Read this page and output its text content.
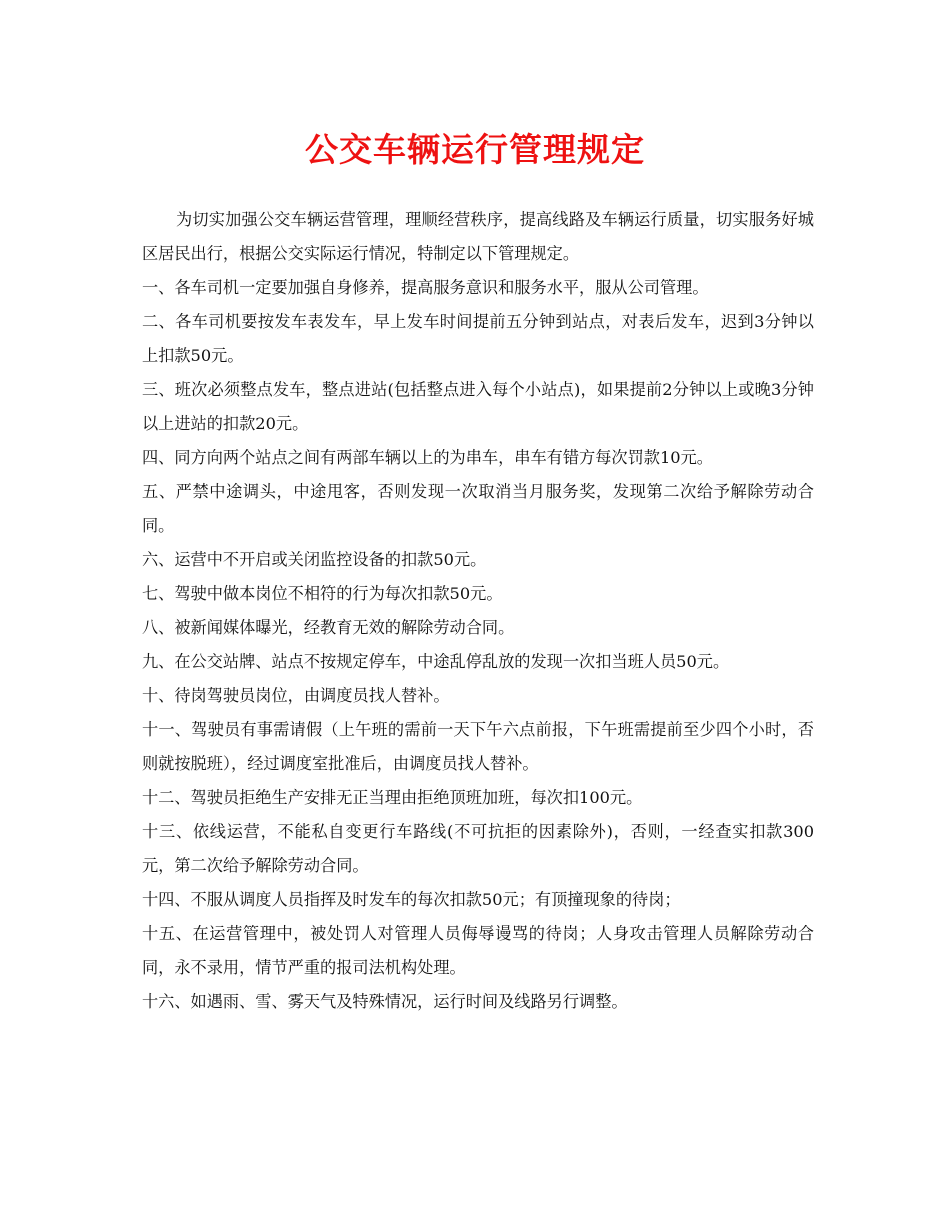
公交车辆运行管理规定

为切实加强公交车辆运营管理，理顺经营秩序，提高线路及车辆运行质量，切实服务好城区居民出行，根据公交实际运行情况，特制定以下管理规定。

一、各车司机一定要加强自身修养，提高服务意识和服务水平，服从公司管理。

二、各车司机要按发车表发车，早上发车时间提前五分钟到站点，对表后发车，迟到3分钟以上扣款50元。

三、班次必须整点发车，整点进站(包括整点进入每个小站点)，如果提前2分钟以上或晚3分钟以上进站的扣款20元。

四、同方向两个站点之间有两部车辆以上的为串车，串车有错方每次罚款10元。

五、严禁中途调头，中途甩客，否则发现一次取消当月服务奖，发现第二次给予解除劳动合同。

六、运营中不开启或关闭监控设备的扣款50元。

七、驾驶中做本岗位不相符的行为每次扣款50元。

八、被新闻媒体曝光，经教育无效的解除劳动合同。

九、在公交站牌、站点不按规定停车，中途乱停乱放的发现一次扣当班人员50元。

十、待岗驾驶员岗位，由调度员找人替补。

十一、驾驶员有事需请假（上午班的需前一天下午六点前报，下午班需提前至少四个小时，否则就按脱班），经过调度室批准后，由调度员找人替补。

十二、驾驶员拒绝生产安排无正当理由拒绝顶班加班，每次扣100元。

十三、依线运营，不能私自变更行车路线(不可抗拒的因素除外)，否则，一经查实扣款300元，第二次给予解除劳动合同。

十四、不服从调度人员指挥及时发车的每次扣款50元；有顶撞现象的待岗；

十五、在运营管理中，被处罚人对管理人员侮辱谩骂的待岗；人身攻击管理人员解除劳动合同，永不录用，情节严重的报司法机构处理。

十六、如遇雨、雪、雾天气及特殊情况，运行时间及线路另行调整。
